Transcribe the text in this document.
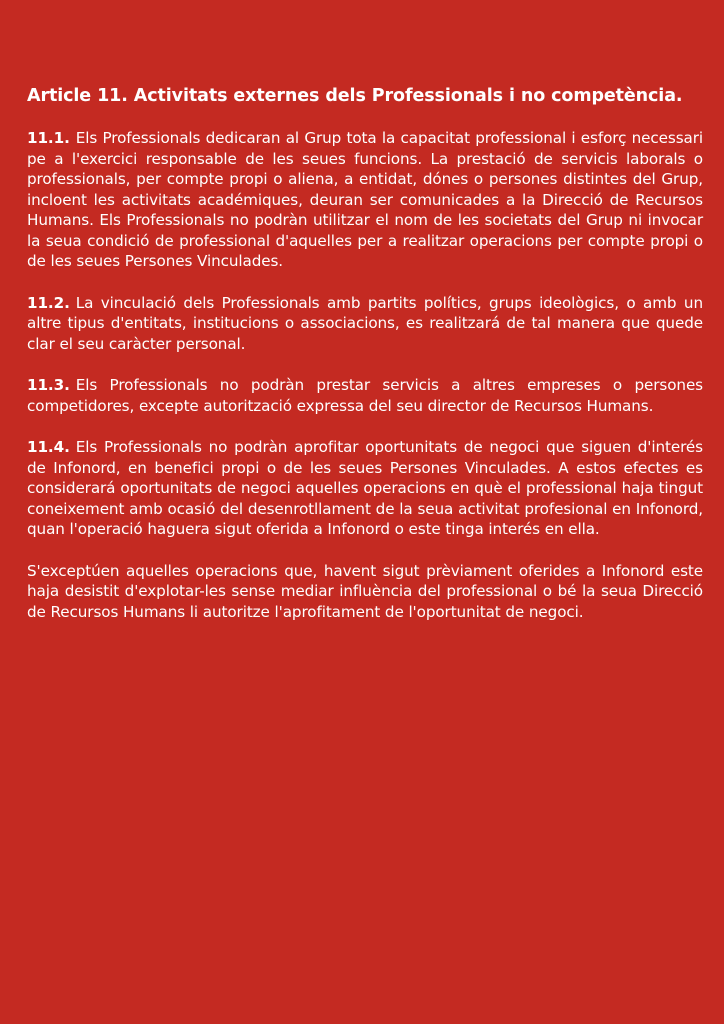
Article 11. Activitats externes dels Professionals i no competència.

11.1. Els Professionals dedicaran al Grup tota la capacitat professional i esforç necessari pe a l'exercici responsable de les seues funcions. La prestació de servicis laborals o professionals, per compte propi o aliena, a entidat, dónes o persones distintes del Grup, incloent les activitats académiques, deuran ser comunicades a la Direcció de Recursos Humans. Els Professionals no podràn utilitzar el nom de les societats del Grup ni invocar la seua condició de professional d'aquelles per a realitzar operacions per compte propi o de les seues Persones Vinculades.

11.2. La vinculació dels Professionals amb partits polítics, grups ideològics, o amb un altre tipus d'entitats, institucions o associacions, es realitzará de tal manera que quede clar el seu caràcter personal.

11.3. Els Professionals no podràn prestar servicis a altres empreses o persones competidores, excepte autorització expressa del seu director de Recursos Humans.

11.4. Els Professionals no podràn aprofitar oportunitats de negoci que siguen d'interés de Infonord, en benefici propi o de les seues Persones Vinculades. A estos efectes es considerará oportunitats de negoci aquelles operacions en què el professional haja tingut coneixement amb ocasió del desenrotllament de la seua activitat profesional en Infonord, quan l'operació haguera sigut oferida a Infonord o este tinga interés en ella.

S'exceptúen aquelles operacions que, havent sigut prèviament oferides a Infonord este haja desistit d'explotar-les sense mediar influència del professional o bé la seua Direcció de Recursos Humans li autoritze l'aprofitament de l'oportunitat de negoci.
